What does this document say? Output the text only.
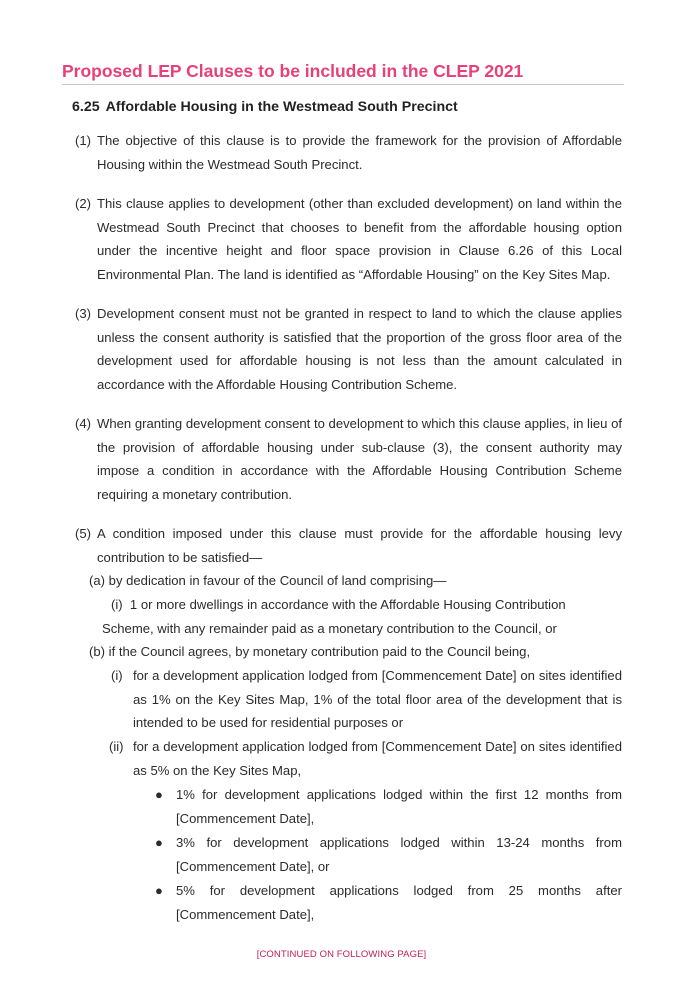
Proposed LEP Clauses to be included in the CLEP 2021
6.25 Affordable Housing in the Westmead South Precinct
(1) The objective of this clause is to provide the framework for the provision of Affordable Housing within the Westmead South Precinct.
(2) This clause applies to development (other than excluded development) on land within the Westmead South Precinct that chooses to benefit from the affordable housing option under the incentive height and floor space provision in Clause 6.26 of this Local Environmental Plan. The land is identified as “Affordable Housing” on the Key Sites Map.
(3) Development consent must not be granted in respect to land to which the clause applies unless the consent authority is satisfied that the proportion of the gross floor area of the development used for affordable housing is not less than the amount calculated in accordance with the Affordable Housing Contribution Scheme.
(4) When granting development consent to development to which this clause applies, in lieu of the provision of affordable housing under sub-clause (3), the consent authority may impose a condition in accordance with the Affordable Housing Contribution Scheme requiring a monetary contribution.
(5) A condition imposed under this clause must provide for the affordable housing levy contribution to be satisfied—
(a) by dedication in favour of the Council of land comprising—
(i) 1 or more dwellings in accordance with the Affordable Housing Contribution
Scheme, with any remainder paid as a monetary contribution to the Council, or
(b) if the Council agrees, by monetary contribution paid to the Council being,
(i) for a development application lodged from [Commencement Date] on sites identified as 1% on the Key Sites Map, 1% of the total floor area of the development that is intended to be used for residential purposes or
(ii) for a development application lodged from [Commencement Date] on sites identified as 5% on the Key Sites Map,
● 1% for development applications lodged within the first 12 months from [Commencement Date],
● 3% for development applications lodged within 13-24 months from [Commencement Date], or
● 5% for development applications lodged from 25 months after [Commencement Date],
[CONTINUED ON FOLLOWING PAGE]
